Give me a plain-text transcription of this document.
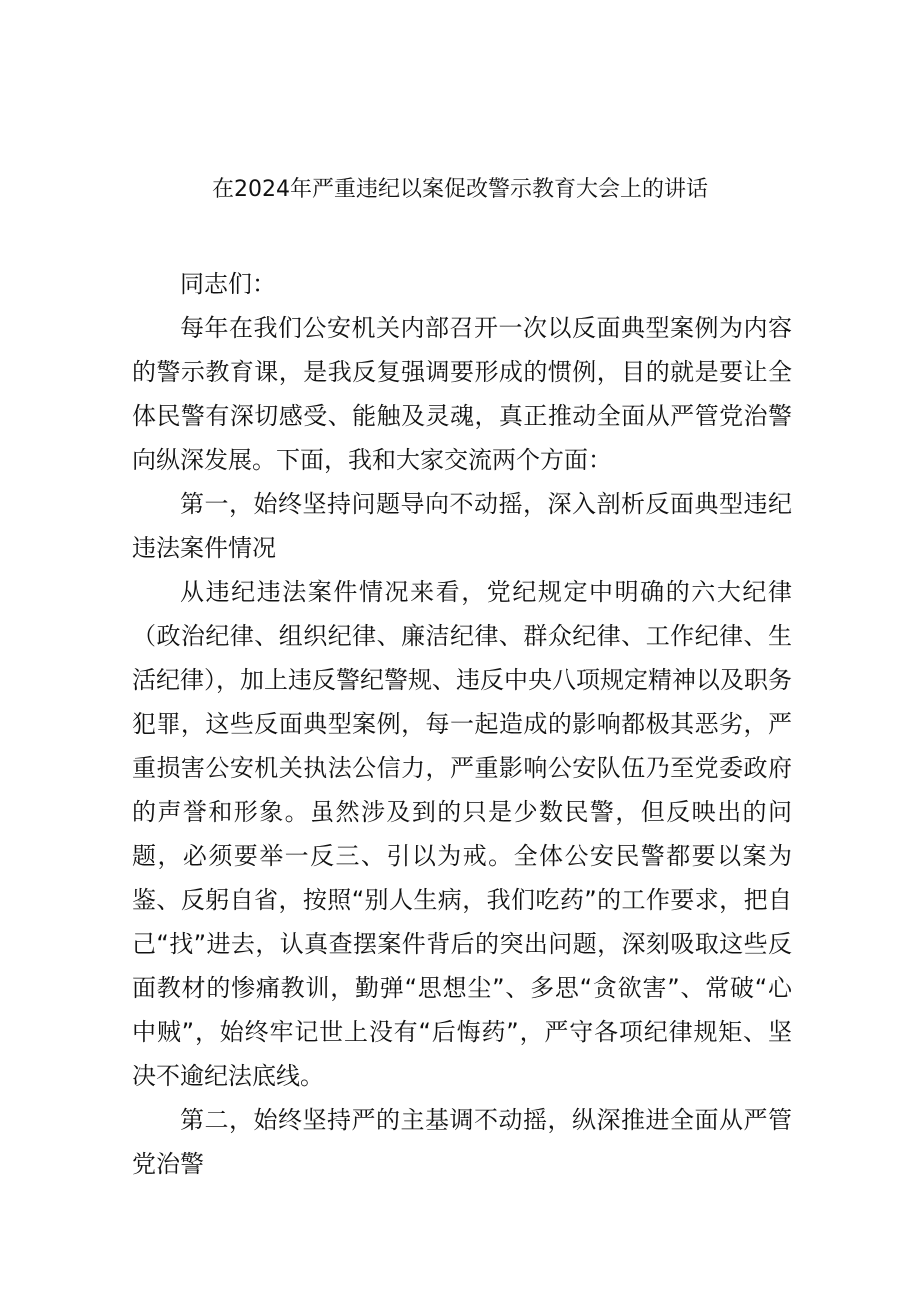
在2024年严重违纪以案促改警示教育大会上的讲话

同志们：

每年在我们公安机关内部召开一次以反面典型案例为内容的警示教育课，是我反复强调要形成的惯例，目的就是要让全体民警有深切感受、能触及灵魂，真正推动全面从严管党治警向纵深发展。下面，我和大家交流两个方面：

第一，始终坚持问题导向不动摇，深入剖析反面典型违纪违法案件情况

从违纪违法案件情况来看，党纪规定中明确的六大纪律（政治纪律、组织纪律、廉洁纪律、群众纪律、工作纪律、生活纪律），加上违反警纪警规、违反中央八项规定精神以及职务犯罪，这些反面典型案例，每一起造成的影响都极其恶劣，严重损害公安机关执法公信力，严重影响公安队伍乃至党委政府的声誉和形象。虽然涉及到的只是少数民警，但反映出的问题，必须要举一反三、引以为戒。全体公安民警都要以案为鉴、反躬自省，按照“别人生病，我们吃药”的工作要求，把自己“找”进去，认真查摆案件背后的突出问题，深刻吸取这些反面教材的惨痛教训，勤弹“思想尘”、多思“贪欲害”、常破“心中贼”，始终牢记世上没有“后悔药”，严守各项纪律规矩、坚决不逾纪法底线。

第二，始终坚持严的主基调不动摇，纵深推进全面从严管党治警
